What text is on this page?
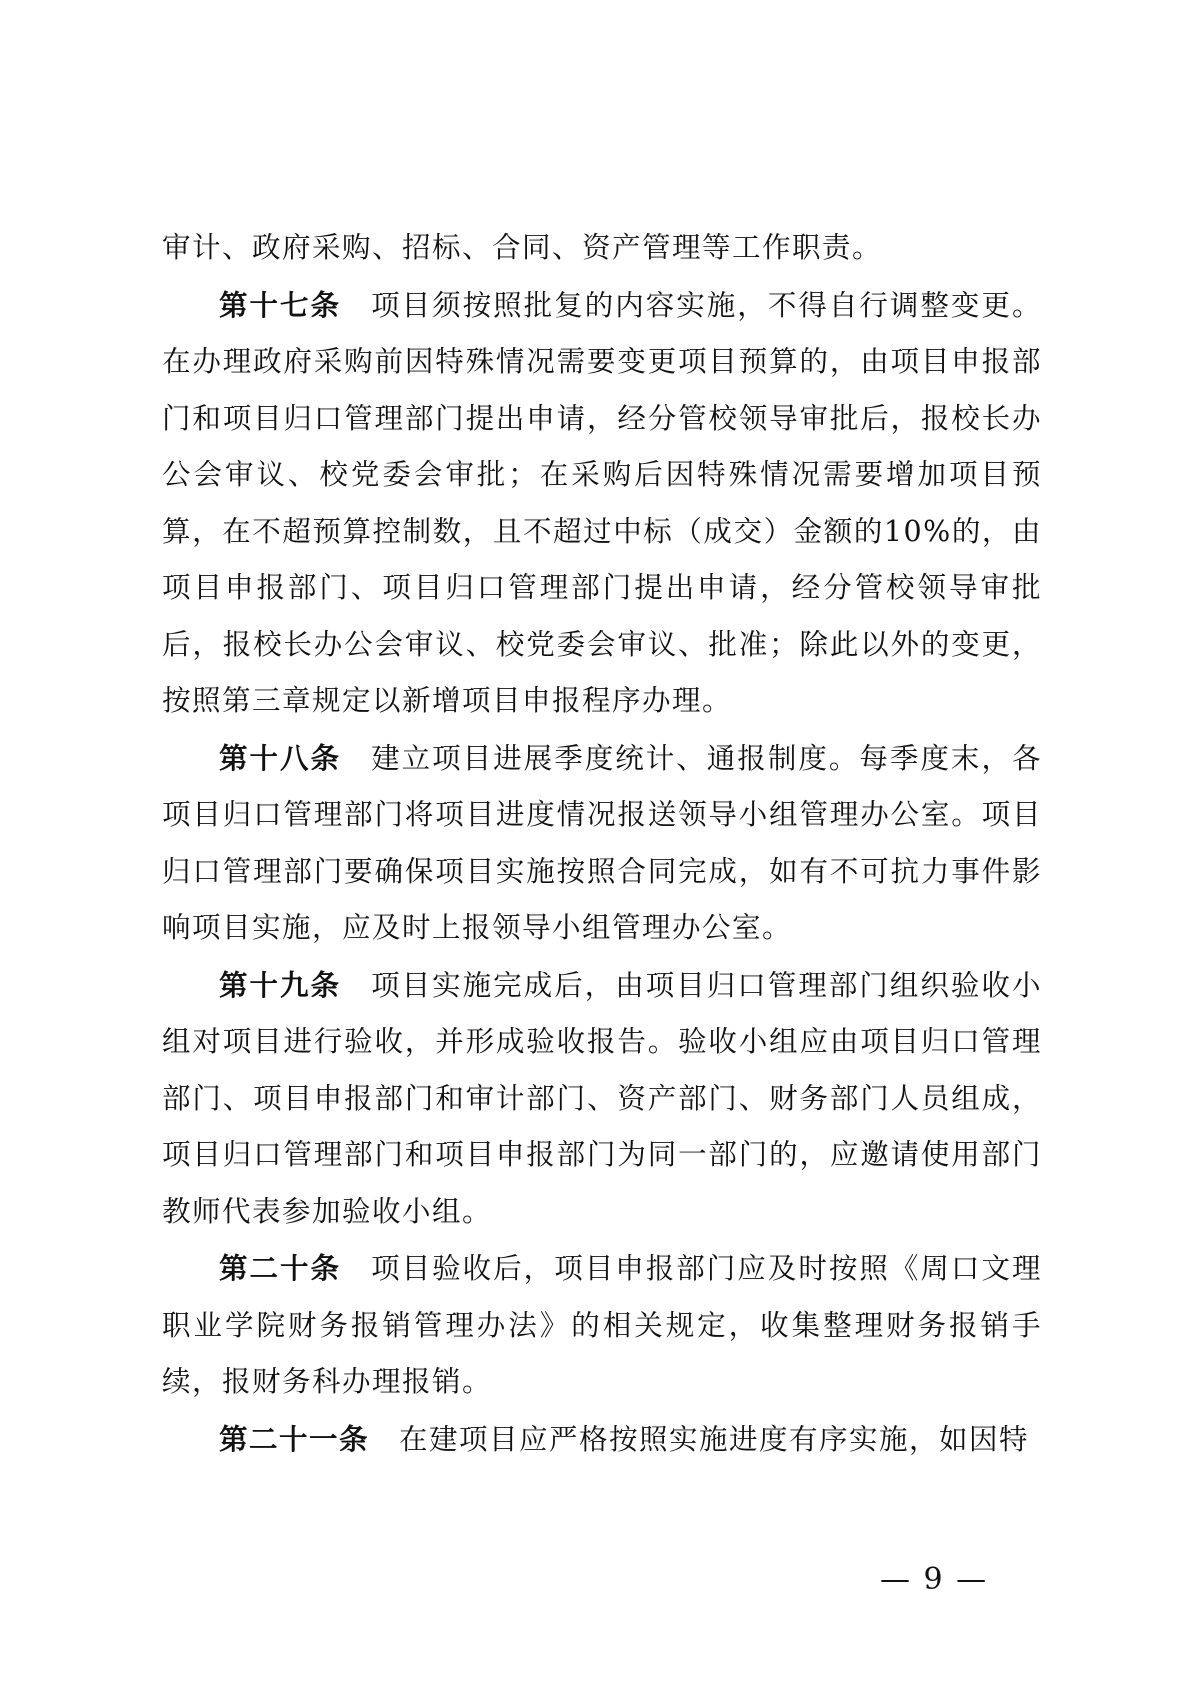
审计、政府采购、招标、合同、资产管理等工作职责。

第十七条 项目须按照批复的内容实施，不得自行调整变更。在办理政府采购前因特殊情况需要变更项目预算的，由项目申报部门和项目归口管理部门提出申请，经分管校领导审批后，报校长办公会审议、校党委会审批；在采购后因特殊情况需要增加项目预算，在不超预算控制数，且不超过中标（成交）金额的10%的，由项目申报部门、项目归口管理部门提出申请，经分管校领导审批后，报校长办公会审议、校党委会审议、批准；除此以外的变更，按照第三章规定以新增项目申报程序办理。

第十八条 建立项目进展季度统计、通报制度。每季度末，各项目归口管理部门将项目进度情况报送领导小组管理办公室。项目归口管理部门要确保项目实施按照合同完成，如有不可抗力事件影响项目实施，应及时上报领导小组管理办公室。

第十九条 项目实施完成后，由项目归口管理部门组织验收小组对项目进行验收，并形成验收报告。验收小组应由项目归口管理部门、项目申报部门和审计部门、资产部门、财务部门人员组成，项目归口管理部门和项目申报部门为同一部门的，应邀请使用部门教师代表参加验收小组。

第二十条 项目验收后，项目申报部门应及时按照《周口文理职业学院财务报销管理办法》的相关规定，收集整理财务报销手续，报财务科办理报销。

第二十一条 在建项目应严格按照实施进度有序实施，如因特

— 9 —
